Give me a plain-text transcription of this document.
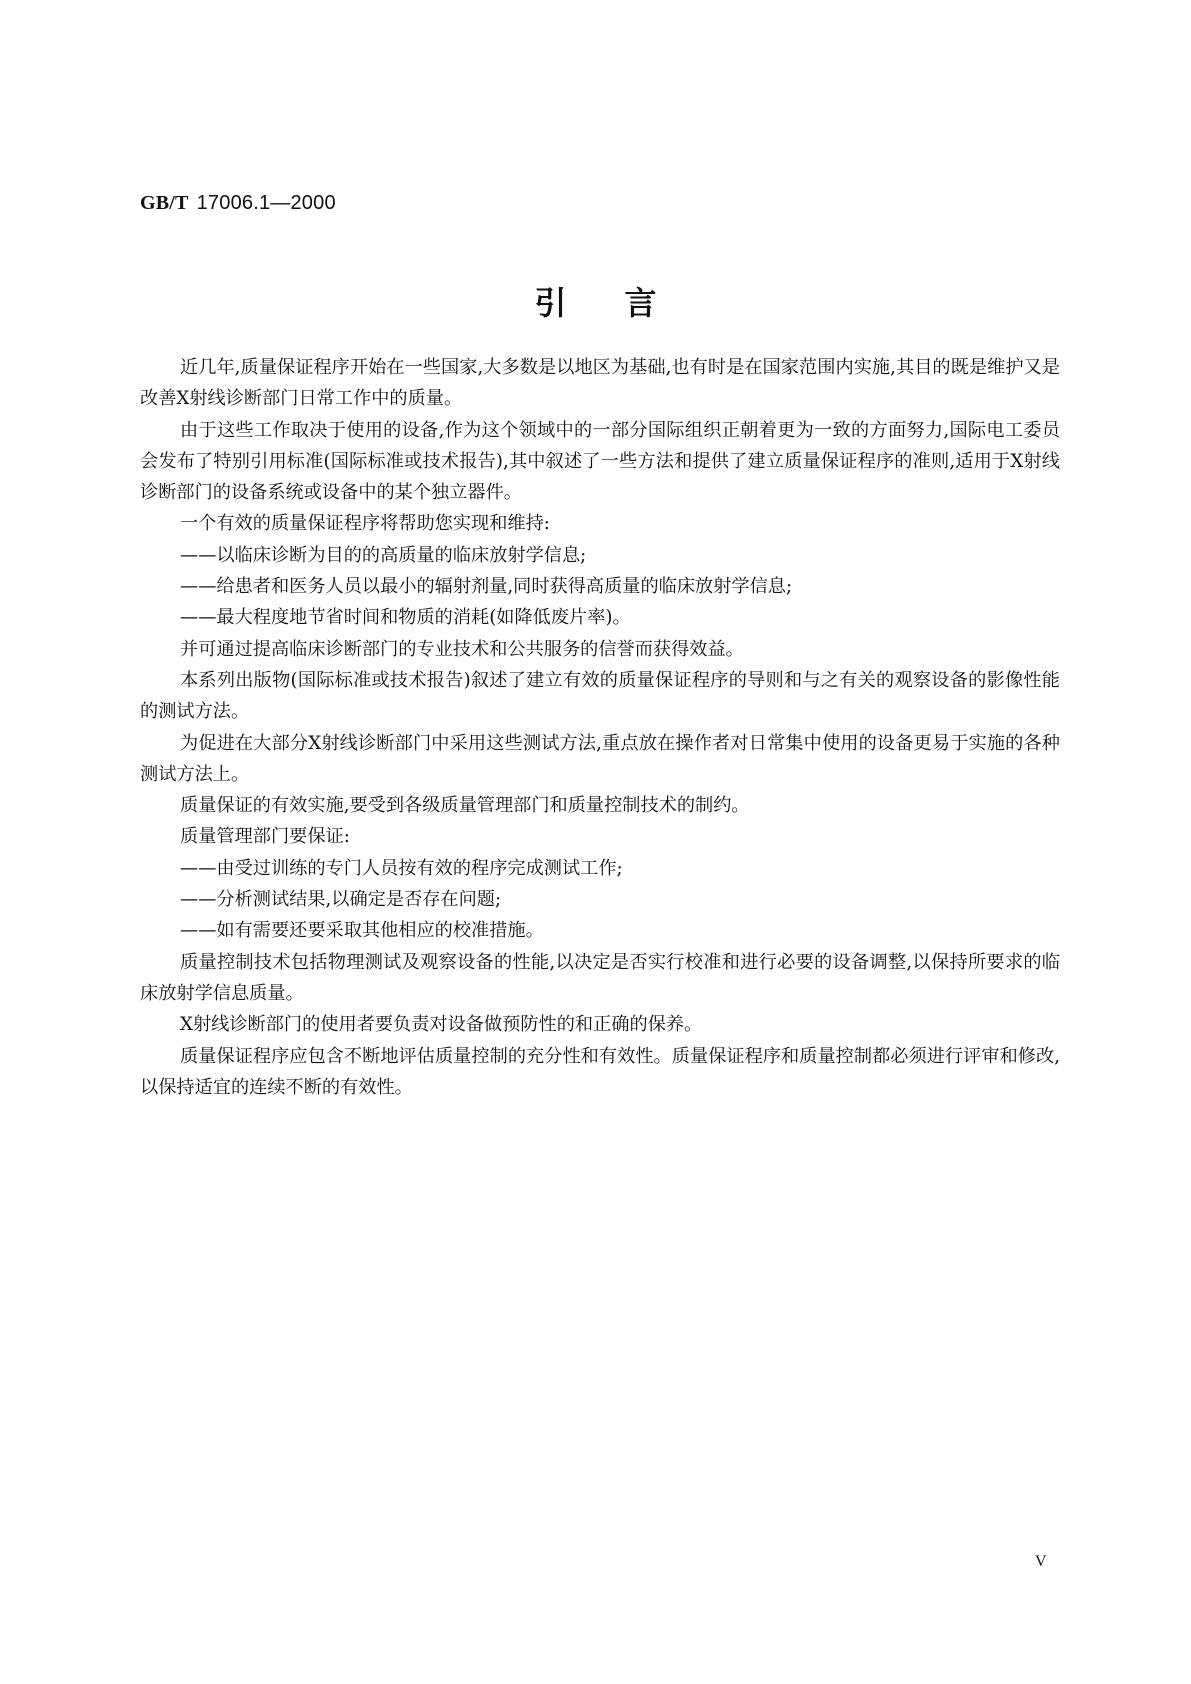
GB/T 17006.1—2000
引言

近几年,质量保证程序开始在一些国家,大多数是以地区为基础,也有时是在国家范围内实施,其目的既是维护又是改善X射线诊断部门日常工作中的质量。

由于这些工作取决于使用的设备,作为这个领域中的一部分国际组织正朝着更为一致的方面努力,国际电工委员会发布了特别引用标准(国际标准或技术报告),其中叙述了一些方法和提供了建立质量保证程序的准则,适用于X射线诊断部门的设备系统或设备中的某个独立器件。

一个有效的质量保证程序将帮助您实现和维持:

——以临床诊断为目的的高质量的临床放射学信息;

——给患者和医务人员以最小的辐射剂量,同时获得高质量的临床放射学信息;

——最大程度地节省时间和物质的消耗(如降低废片率)。

并可通过提高临床诊断部门的专业技术和公共服务的信誉而获得效益。

本系列出版物(国际标准或技术报告)叙述了建立有效的质量保证程序的导则和与之有关的观察设备的影像性能的测试方法。

为促进在大部分X射线诊断部门中采用这些测试方法,重点放在操作者对日常集中使用的设备更易于实施的各种测试方法上。

质量保证的有效实施,要受到各级质量管理部门和质量控制技术的制约。

质量管理部门要保证:

——由受过训练的专门人员按有效的程序完成测试工作;

——分析测试结果,以确定是否存在问题;

——如有需要还要采取其他相应的校准措施。

质量控制技术包括物理测试及观察设备的性能,以决定是否实行校准和进行必要的设备调整,以保持所要求的临床放射学信息质量。

X射线诊断部门的使用者要负责对设备做预防性的和正确的保养。

质量保证程序应包含不断地评估质量控制的充分性和有效性。质量保证程序和质量控制都必须进行评审和修改,以保持适宜的连续不断的有效性。

V
